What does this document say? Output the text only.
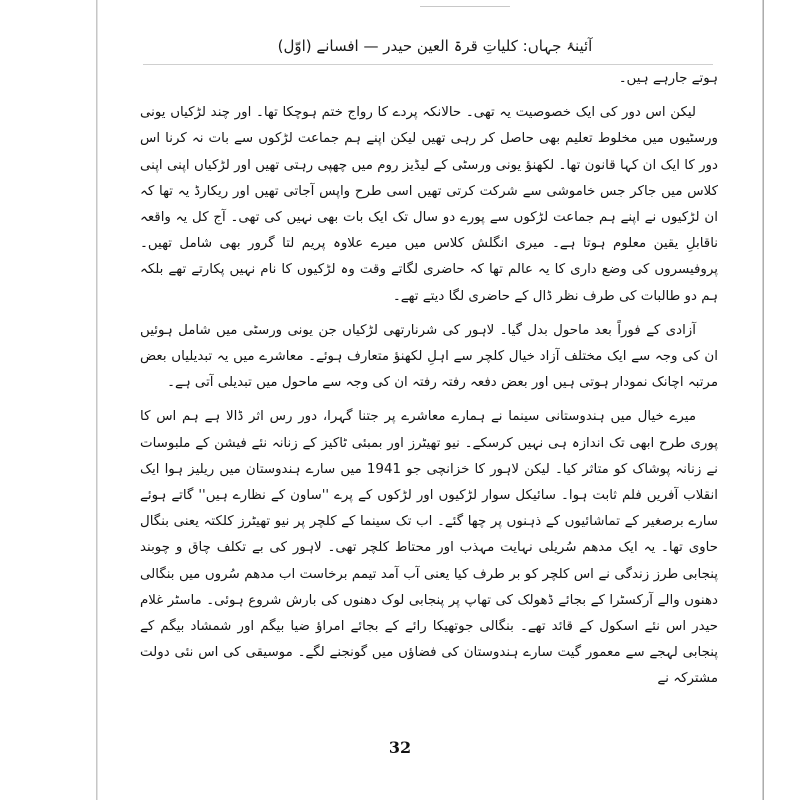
آئینۂ جہاں: کلیاتِ قرۃ العین حیدر — افسانے (اوّل)

ہوتے جارہے ہیں۔

لیکن اس دور کی ایک خصوصیت یہ تھی۔ حالانکہ پردے کا رواج ختم ہوچکا تھا۔ اور چند لڑکیاں یونی ورسٹیوں میں مخلوط تعلیم بھی حاصل کر رہی تھیں لیکن اپنے ہم جماعت لڑکوں سے بات نہ کرنا اس دور کا ایک ان کہا قانون تھا۔ لکھنؤ یونی ورسٹی کے لیڈیز روم میں چھپی رہتی تھیں اور لڑکیاں اپنی اپنی کلاس میں جاکر جس خاموشی سے شرکت کرتی تھیں اسی طرح واپس آجاتی تھیں اور ریکارڈ یہ تھا کہ ان لڑکیوں نے اپنے ہم جماعت لڑکوں سے پورے دو سال تک ایک بات بھی نہیں کی تھی۔ آج کل یہ واقعہ ناقابلِ یقین معلوم ہوتا ہے۔ میری انگلش کلاس میں میرے علاوہ پریم لتا گرور بھی شامل تھیں۔ پروفیسروں کی وضع داری کا یہ عالم تھا کہ حاضری لگاتے وقت وہ لڑکیوں کا نام نہیں پکارتے تھے بلکہ ہم دو طالبات کی طرف نظر ڈال کے حاضری لگا دیتے تھے۔

آزادی کے فوراً بعد ماحول بدل گیا۔ لاہور کی شرنارتھی لڑکیاں جن یونی ورسٹی میں شامل ہوئیں ان کی وجہ سے ایک مختلف آزاد خیال کلچر سے اہلِ لکھنؤ متعارف ہوئے۔ معاشرے میں یہ تبدیلیاں بعض مرتبہ اچانک نمودار ہوتی ہیں اور بعض دفعہ رفتہ رفتہ ان کی وجہ سے ماحول میں تبدیلی آتی ہے۔

میرے خیال میں ہندوستانی سینما نے ہمارے معاشرے پر جتنا گہرا، دور رس اثر ڈالا ہے ہم اس کا پوری طرح ابھی تک اندازہ ہی نہیں کرسکے۔ نیو تھیٹرز اور بمبئی ٹاکیز کے زنانہ نئے فیشن کے ملبوسات نے زنانہ پوشاک کو متاثر کیا۔ لیکن لاہور کا خزانچی جو 1941 میں سارے ہندوستان میں ریلیز ہوا ایک انقلاب آفریں فلم ثابت ہوا۔ سائیکل سوار لڑکیوں اور لڑکوں کے پرے ''ساون کے نظارے ہیں'' گاتے ہوئے سارے برصغیر کے تماشائیوں کے ذہنوں پر چھا گئے۔ اب تک سینما کے کلچر پر نیو تھیٹرز کلکتہ یعنی بنگال حاوی تھا۔ یہ ایک مدھم سُریلی نہایت مہذب اور محتاط کلچر تھی۔ لاہور کی بے تکلف چاق و چوبند پنجابی طرز زندگی نے اس کلچر کو بر طرف کیا یعنی آب آمد تیمم برخاست اب مدھم سُروں میں بنگالی دھنوں والے آرکسٹرا کے بجائے ڈھولک کی تھاپ پر پنجابی لوک دھنوں کی بارش شروع ہوئی۔ ماسٹر غلام حیدر اس نئے اسکول کے قائد تھے۔ بنگالی جوتھیکا رائے کے بجائے امراؤ ضیا بیگم اور شمشاد بیگم کے پنجابی لہجے سے معمور گیت سارے ہندوستان کی فضاؤں میں گونجنے لگے۔ موسیقی کی اس نئی دولت مشترکہ نے

32
